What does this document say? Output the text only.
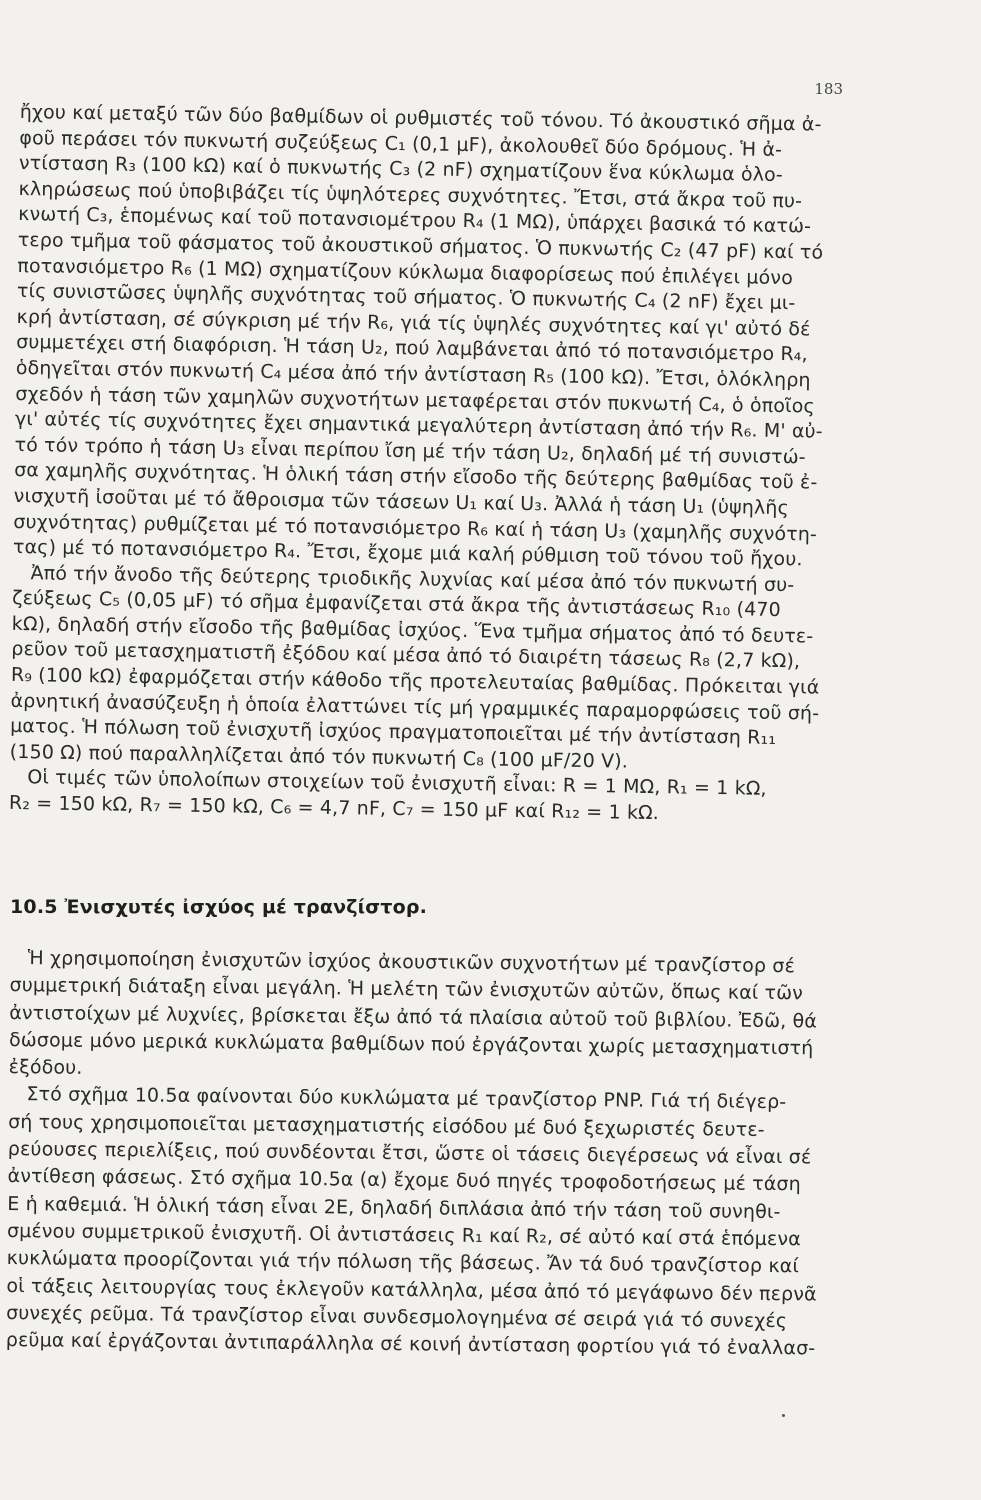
183
ἤχου καί μεταξύ τῶν δύο βαθμίδων οἱ ρυθμιστές τοῦ τόνου. Τό ἀκουστικό σῆμα ἀ-
φοῦ περάσει τόν πυκνωτή συζεύξεως C₁ (0,1 μF), ἀκολουθεῖ δύο δρόμους. Ἡ ἀ-
ντίσταση R₃ (100 kΩ) καί ὁ πυκνωτής C₃ (2 nF) σχηματίζουν ἕνα κύκλωμα ὁλο-
κληρώσεως πού ὑποβιβάζει τίς ὑψηλότερες συχνότητες. Ἔτσι, στά ἄκρα τοῦ πυ-
κνωτή C₃, ἑπομένως καί τοῦ ποτανσιομέτρου R₄ (1 MΩ), ὑπάρχει βασικά τό κατώ-
τερο τμῆμα τοῦ φάσματος τοῦ ἀκουστικοῦ σήματος. Ὁ πυκνωτής C₂ (47 pF) καί τό
ποτανσιόμετρο R₆ (1 MΩ) σχηματίζουν κύκλωμα διαφορίσεως πού ἐπιλέγει μόνο
τίς συνιστῶσες ὑψηλῆς συχνότητας τοῦ σήματος. Ὁ πυκνωτής C₄ (2 nF) ἔχει μι-
κρή ἀντίσταση, σέ σύγκριση μέ τήν R₆, γιά τίς ὑψηλές συχνότητες καί γι' αὐτό δέ
συμμετέχει στή διαφόριση. Ἡ τάση U₂, πού λαμβάνεται ἀπό τό ποτανσιόμετρο R₄,
ὁδηγεῖται στόν πυκνωτή C₄ μέσα ἀπό τήν ἀντίσταση R₅ (100 kΩ). Ἔτσι, ὁλόκληρη
σχεδόν ἡ τάση τῶν χαμηλῶν συχνοτήτων μεταφέρεται στόν πυκνωτή C₄, ὁ ὁποῖος
γι' αὐτές τίς συχνότητες ἔχει σημαντικά μεγαλύτερη ἀντίσταση ἀπό τήν R₆. Μ' αὐ-
τό τόν τρόπο ἡ τάση U₃ εἶναι περίπου ἴση μέ τήν τάση U₂, δηλαδή μέ τή συνιστώ-
σα χαμηλῆς συχνότητας. Ἡ ὁλική τάση στήν εἴσοδο τῆς δεύτερης βαθμίδας τοῦ ἐ-
νισχυτῆ ἰσοῦται μέ τό ἄθροισμα τῶν τάσεων U₁ καί U₃. Ἀλλά ἡ τάση U₁ (ὑψηλῆς
συχνότητας) ρυθμίζεται μέ τό ποτανσιόμετρο R₆ καί ἡ τάση U₃ (χαμηλῆς συχνότη-
τας) μέ τό ποτανσιόμετρο R₄. Ἔτσι, ἔχομε μιά καλή ρύθμιση τοῦ τόνου τοῦ ἤχου.
Ἀπό τήν ἄνοδο τῆς δεύτερης τριοδικῆς λυχνίας καί μέσα ἀπό τόν πυκνωτή συ-
ζεύξεως C₅ (0,05 μF) τό σῆμα ἐμφανίζεται στά ἄκρα τῆς ἀντιστάσεως R₁₀ (470
kΩ), δηλαδή στήν εἴσοδο τῆς βαθμίδας ἰσχύος. Ἕνα τμῆμα σήματος ἀπό τό δευτε-
ρεῦον τοῦ μετασχηματιστῆ ἐξόδου καί μέσα ἀπό τό διαιρέτη τάσεως R₈ (2,7 kΩ),
R₉ (100 kΩ) ἐφαρμόζεται στήν κάθοδο τῆς προτελευταίας βαθμίδας. Πρόκειται γιά
ἀρνητική ἀνασύζευξη ἡ ὁποία ἐλαττώνει τίς μή γραμμικές παραμορφώσεις τοῦ σή-
ματος. Ἡ πόλωση τοῦ ἐνισχυτῆ ἰσχύος πραγματοποιεῖται μέ τήν ἀντίσταση R₁₁
(150 Ω) πού παραλληλίζεται ἀπό τόν πυκνωτή C₈ (100 μF/20 V).
Οἱ τιμές τῶν ὑπολοίπων στοιχείων τοῦ ἐνισχυτῆ εἶναι: R = 1 MΩ, R₁ = 1 kΩ,
R₂ = 150 kΩ, R₇ = 150 kΩ, C₆ = 4,7 nF, C₇ = 150 μF καί R₁₂ = 1 kΩ.
10.5 Ἐνισχυτές ἰσχύος μέ τρανζίστορ.
Ἡ χρησιμοποίηση ἐνισχυτῶν ἰσχύος ἀκουστικῶν συχνοτήτων μέ τρανζίστορ σέ
συμμετρική διάταξη εἶναι μεγάλη. Ἡ μελέτη τῶν ἐνισχυτῶν αὐτῶν, ὅπως καί τῶν
ἀντιστοίχων μέ λυχνίες, βρίσκεται ἔξω ἀπό τά πλαίσια αὐτοῦ τοῦ βιβλίου. Ἐδῶ, θά
δώσομε μόνο μερικά κυκλώματα βαθμίδων πού ἐργάζονται χωρίς μετασχηματιστή
ἐξόδου.
Στό σχῆμα 10.5α φαίνονται δύο κυκλώματα μέ τρανζίστορ PNP. Γιά τή διέγερ-
σή τους χρησιμοποιεῖται μετασχηματιστής εἰσόδου μέ δυό ξεχωριστές δευτε-
ρεύουσες περιελίξεις, πού συνδέονται ἔτσι, ὥστε οἱ τάσεις διεγέρσεως νά εἶναι σέ
ἀντίθεση φάσεως. Στό σχῆμα 10.5α (α) ἔχομε δυό πηγές τροφοδοτήσεως μέ τάση
E ἡ καθεμιά. Ἡ ὁλική τάση εἶναι 2E, δηλαδή διπλάσια ἀπό τήν τάση τοῦ συνηθι-
σμένου συμμετρικοῦ ἐνισχυτῆ. Οἱ ἀντιστάσεις R₁ καί R₂, σέ αὐτό καί στά ἑπόμενα
κυκλώματα προορίζονται γιά τήν πόλωση τῆς βάσεως. Ἄν τά δυό τρανζίστορ καί
οἱ τάξεις λειτουργίας τους ἐκλεγοῦν κατάλληλα, μέσα ἀπό τό μεγάφωνο δέν περνᾶ
συνεχές ρεῦμα. Τά τρανζίστορ εἶναι συνδεσμολογημένα σέ σειρά γιά τό συνεχές
ρεῦμα καί ἐργάζονται ἀντιπαράλληλα σέ κοινή ἀντίσταση φορτίου γιά τό ἐναλλασ-
